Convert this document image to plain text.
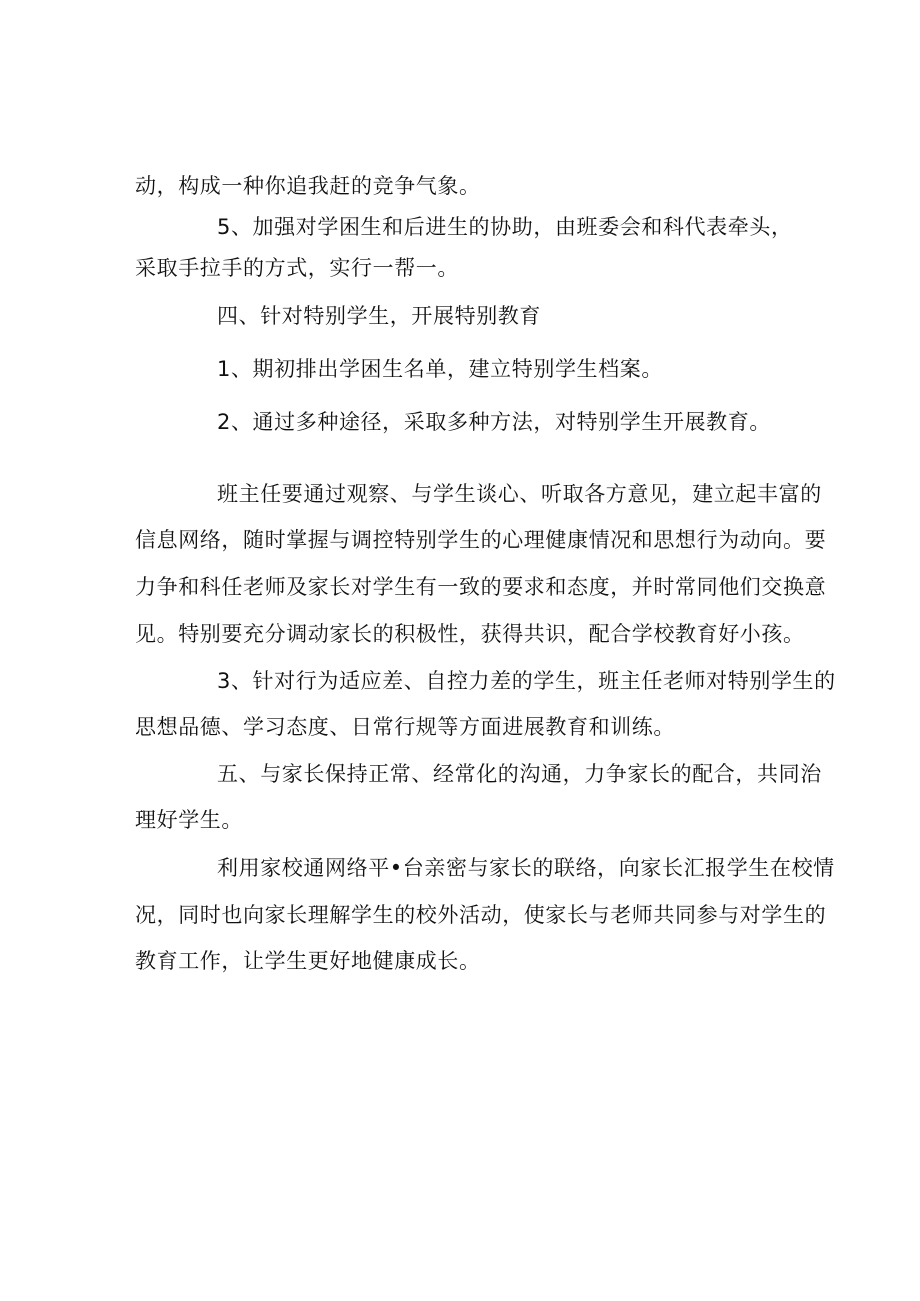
动，构成一种你追我赶的竞争气象。
5、加强对学困生和后进生的协助，由班委会和科代表牵头，
采取手拉手的方式，实行一帮一。
四、针对特别学生，开展特别教育
1、期初排出学困生名单，建立特别学生档案。
2、通过多种途径，采取多种方法，对特别学生开展教育。
班主任要通过观察、与学生谈心、听取各方意见，建立起丰富的
信息网络，随时掌握与调控特别学生的心理健康情况和思想行为动向。要
力争和科任老师及家长对学生有一致的要求和态度，并时常同他们交换意
见。特别要充分调动家长的积极性，获得共识，配合学校教育好小孩。
3、针对行为适应差、自控力差的学生，班主任老师对特别学生的
思想品德、学习态度、日常行规等方面进展教育和训练。
五、与家长保持正常、经常化的沟通，力争家长的配合，共同治
理好学生。
利用家校通网络平•台亲密与家长的联络，向家长汇报学生在校情
况，同时也向家长理解学生的校外活动，使家长与老师共同参与对学生的
教育工作，让学生更好地健康成长。
